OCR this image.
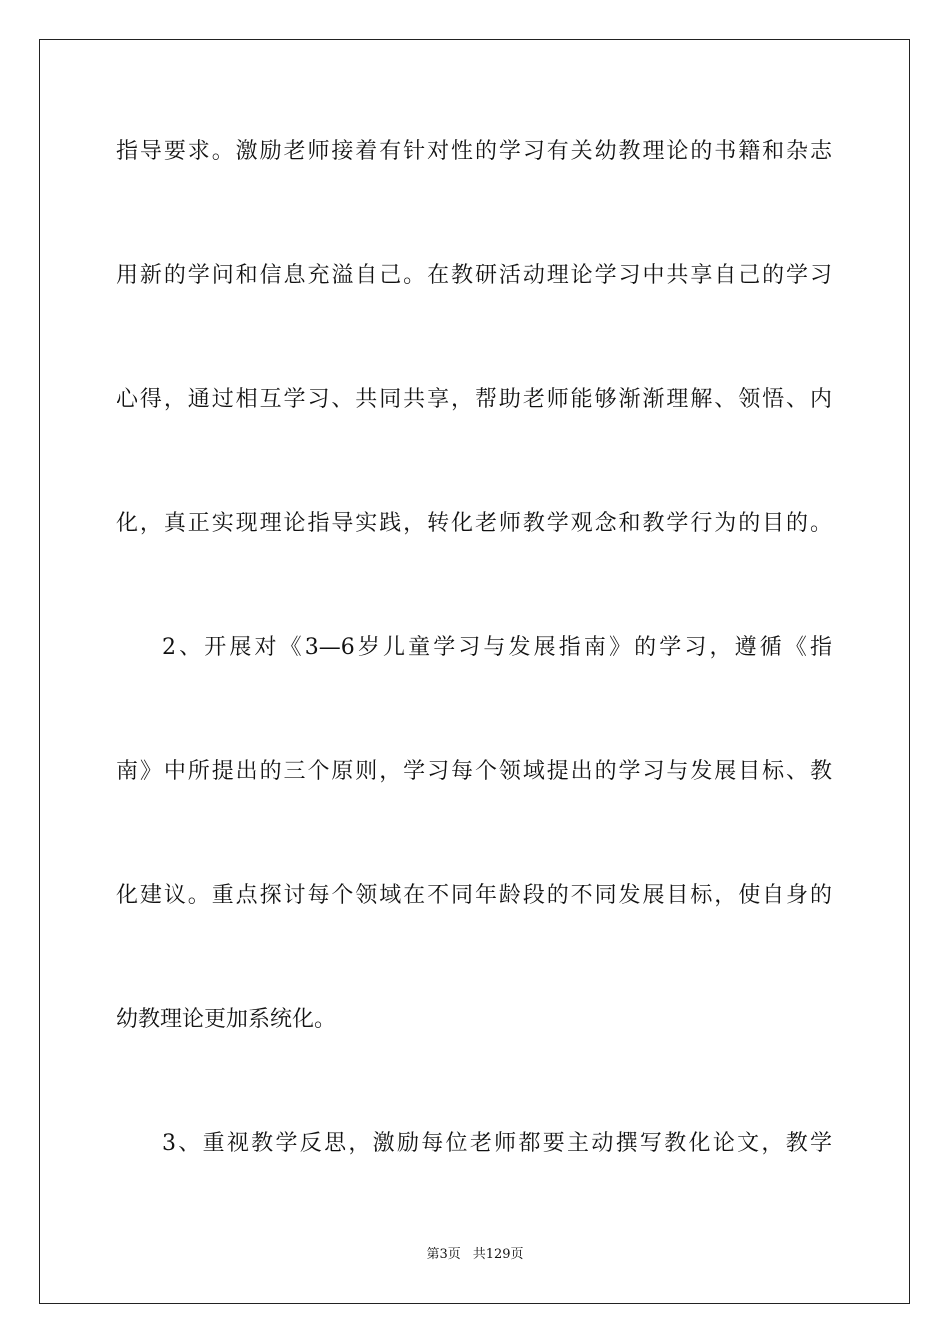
指导要求。激励老师接着有针对性的学习有关幼教理论的书籍和杂志
用新的学问和信息充溢自己。在教研活动理论学习中共享自己的学习
心得，通过相互学习、共同共享，帮助老师能够渐渐理解、领悟、内
化，真正实现理论指导实践，转化老师教学观念和教学行为的目的。
2、开展对《3—6岁儿童学习与发展指南》的学习，遵循《指
南》中所提出的三个原则，学习每个领域提出的学习与发展目标、教
化建议。重点探讨每个领域在不同年龄段的不同发展目标，使自身的
幼教理论更加系统化。
3、重视教学反思，激励每位老师都要主动撰写教化论文，教学
第3页 共129页
